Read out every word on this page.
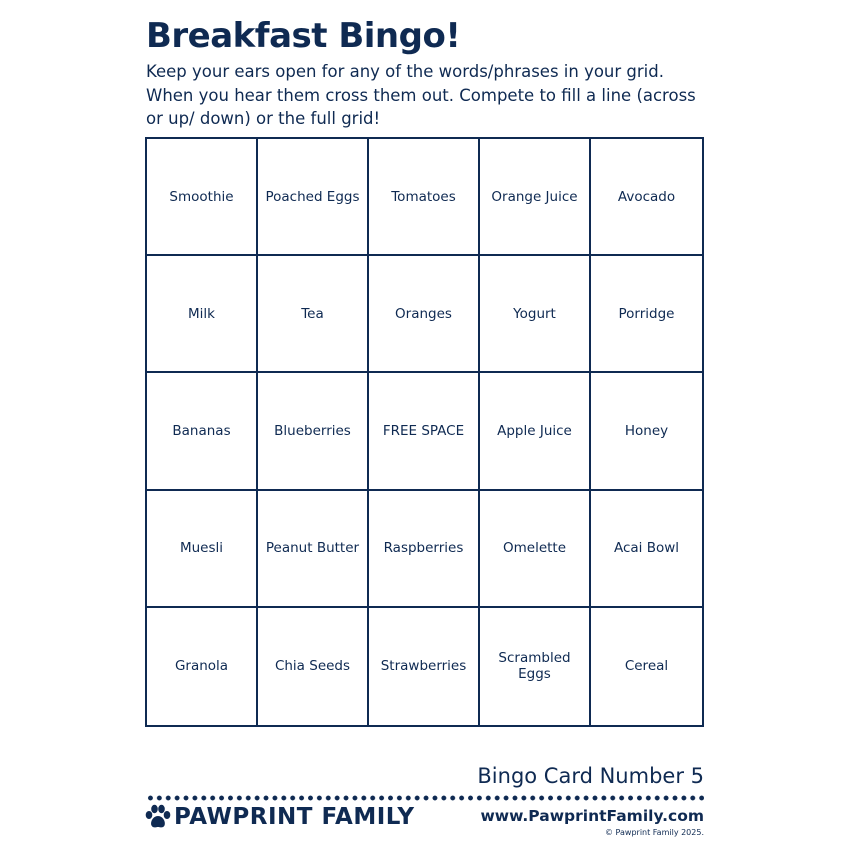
Breakfast Bingo!

Keep your ears open for any of the words/phrases in your grid. When you hear them cross them out. Compete to fill a line (across or up/ down) or the full grid!

Smoothie	Poached Eggs	Tomatoes	Orange Juice	Avocado
Milk	Tea	Oranges	Yogurt	Porridge
Bananas	Blueberries	FREE SPACE	Apple Juice	Honey
Muesli	Peanut Butter	Raspberries	Omelette	Acai Bowl
Granola	Chia Seeds	Strawberries	Scrambled Eggs	Cereal
Bingo Card Number 5
PAWPRINT FAMILY	www.PawprintFamily.com
© Pawprint Family 2025.
